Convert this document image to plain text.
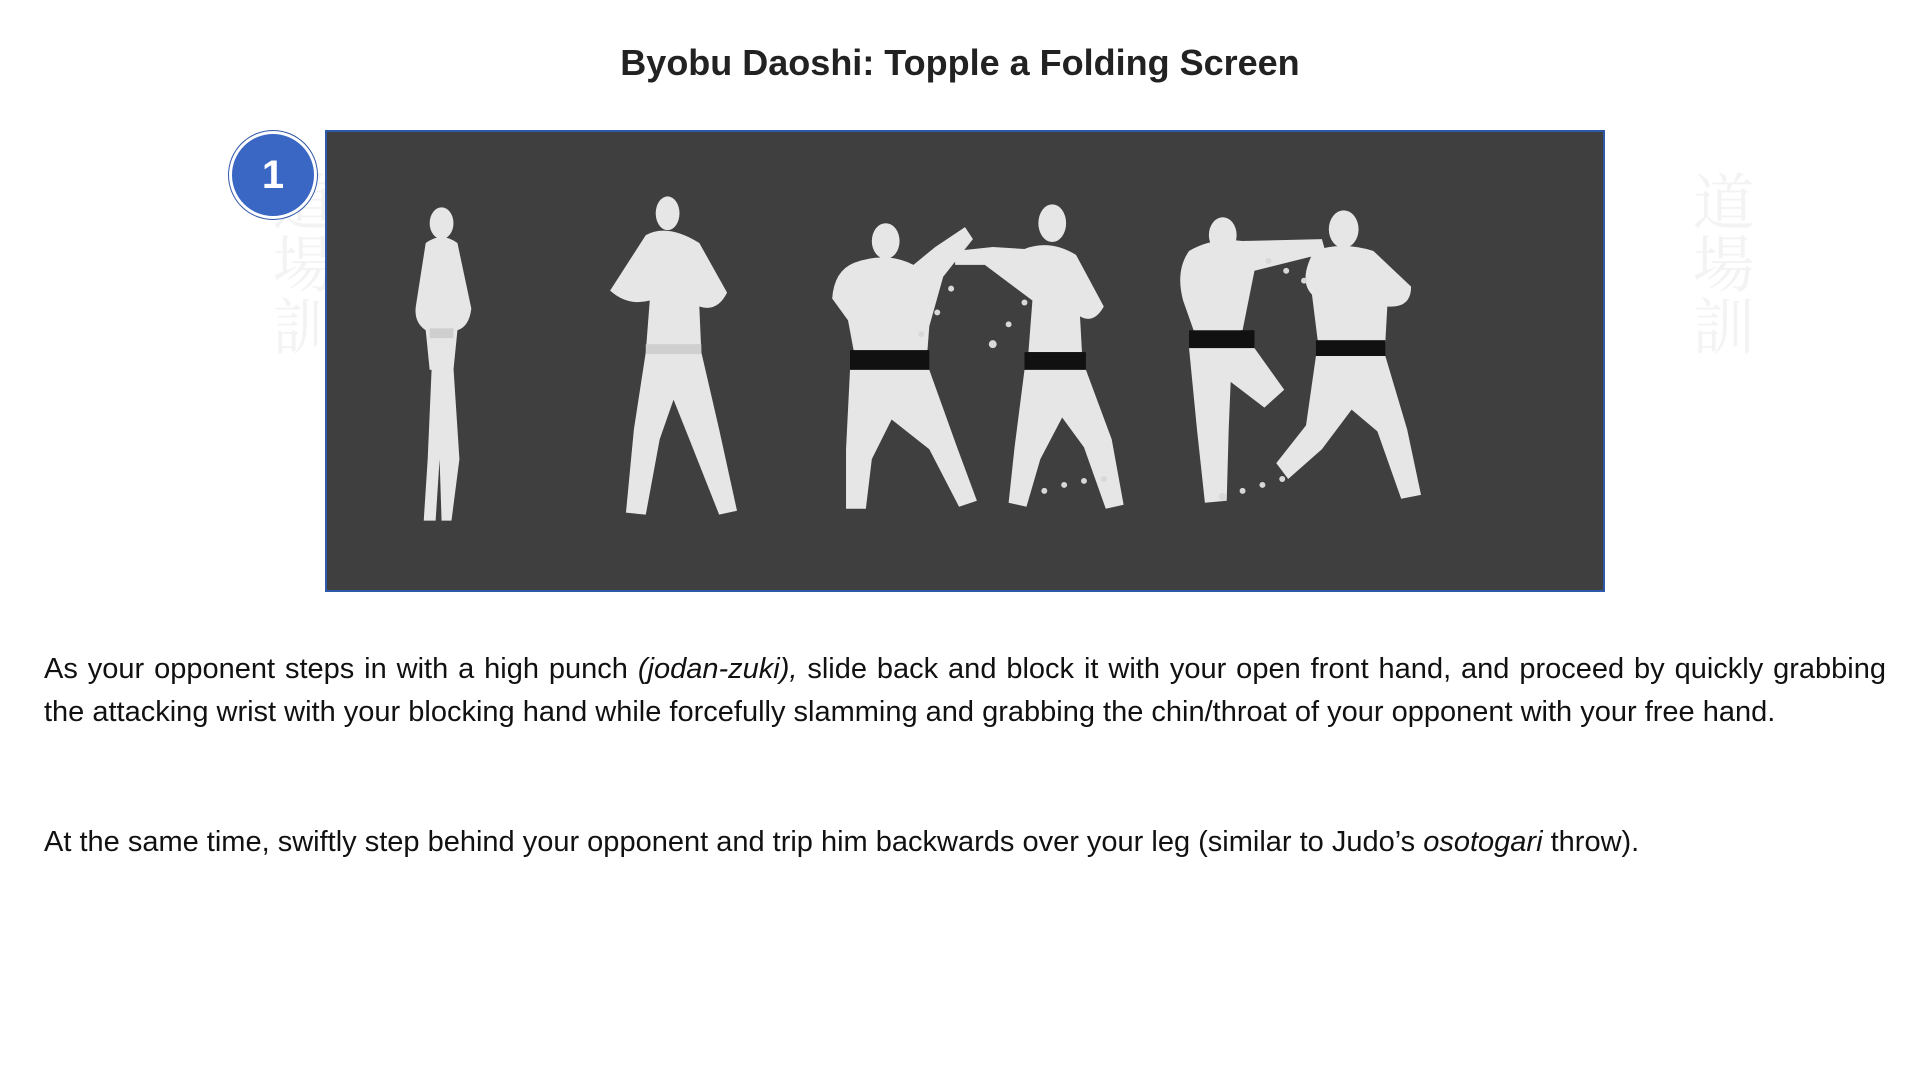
Byobu Daoshi: Topple a Folding Screen
1
As your opponent steps in with a high punch (jodan-zuki), slide back and block it with your open front hand, and proceed by quickly grabbing the attacking wrist with your blocking hand while forcefully slamming and grabbing the chin/throat of your opponent with your free hand.
At the same time, swiftly step behind your opponent and trip him backwards over your leg (similar to Judo’s osotogari throw).
